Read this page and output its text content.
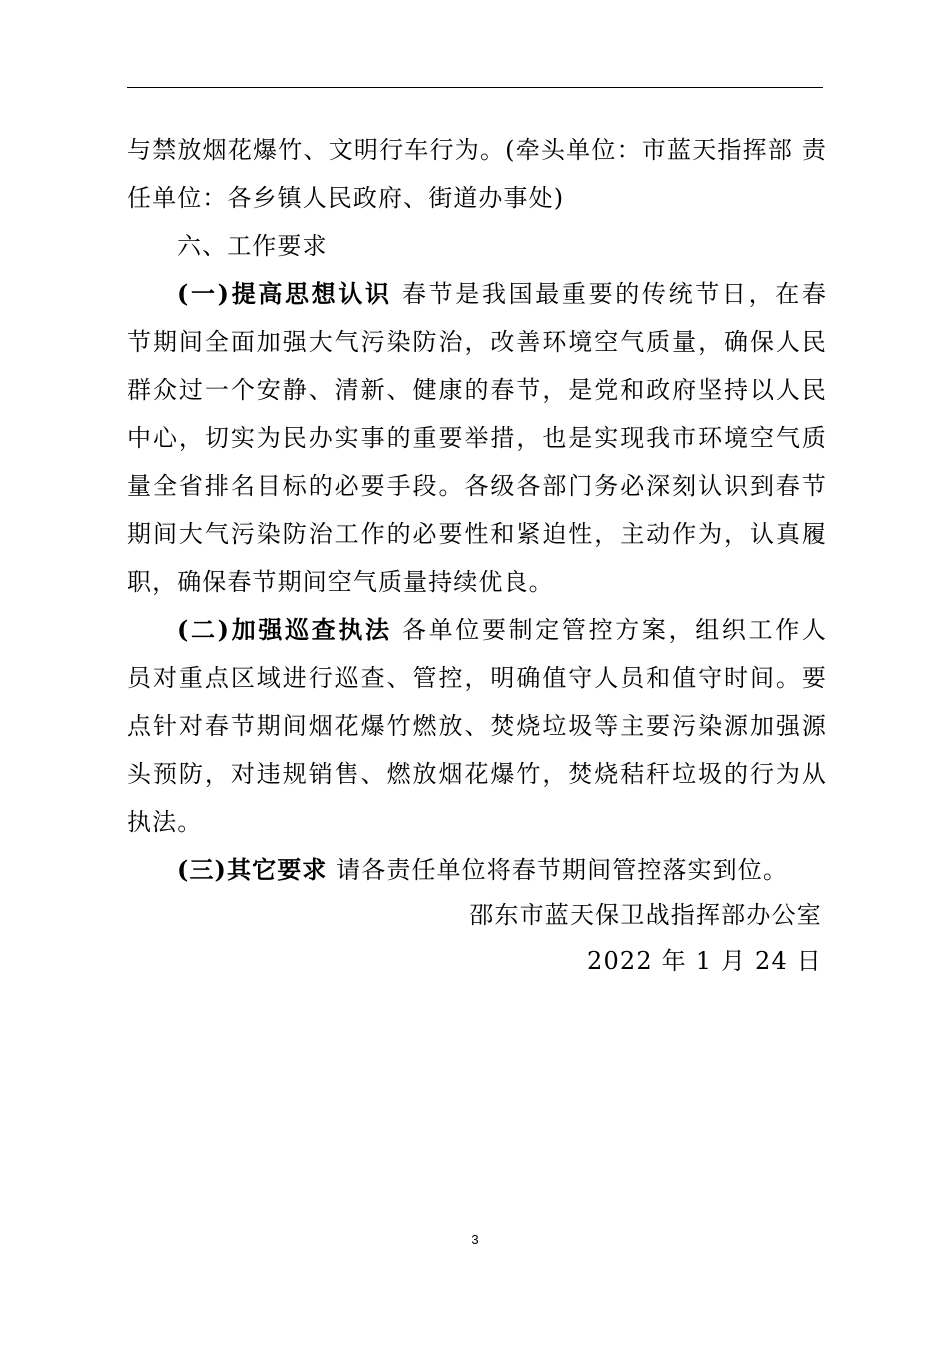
与禁放烟花爆竹、文明行车行为。(牵头单位：市蓝天指挥部 责
任单位：各乡镇人民政府、街道办事处)
六、工作要求
(一)提高思想认识 春节是我国最重要的传统节日，在春
节期间全面加强大气污染防治，改善环境空气质量，确保人民
群众过一个安静、清新、健康的春节，是党和政府坚持以人民
中心，切实为民办实事的重要举措，也是实现我市环境空气质
量全省排名目标的必要手段。各级各部门务必深刻认识到春节
期间大气污染防治工作的必要性和紧迫性，主动作为，认真履
职，确保春节期间空气质量持续优良。
(二)加强巡查执法 各单位要制定管控方案，组织工作人
员对重点区域进行巡查、管控，明确值守人员和值守时间。要
点针对春节期间烟花爆竹燃放、焚烧垃圾等主要污染源加强源
头预防，对违规销售、燃放烟花爆竹，焚烧秸秆垃圾的行为从
执法。
(三)其它要求 请各责任单位将春节期间管控落实到位。
邵东市蓝天保卫战指挥部办公室
2022 年 1 月 24 日
3
